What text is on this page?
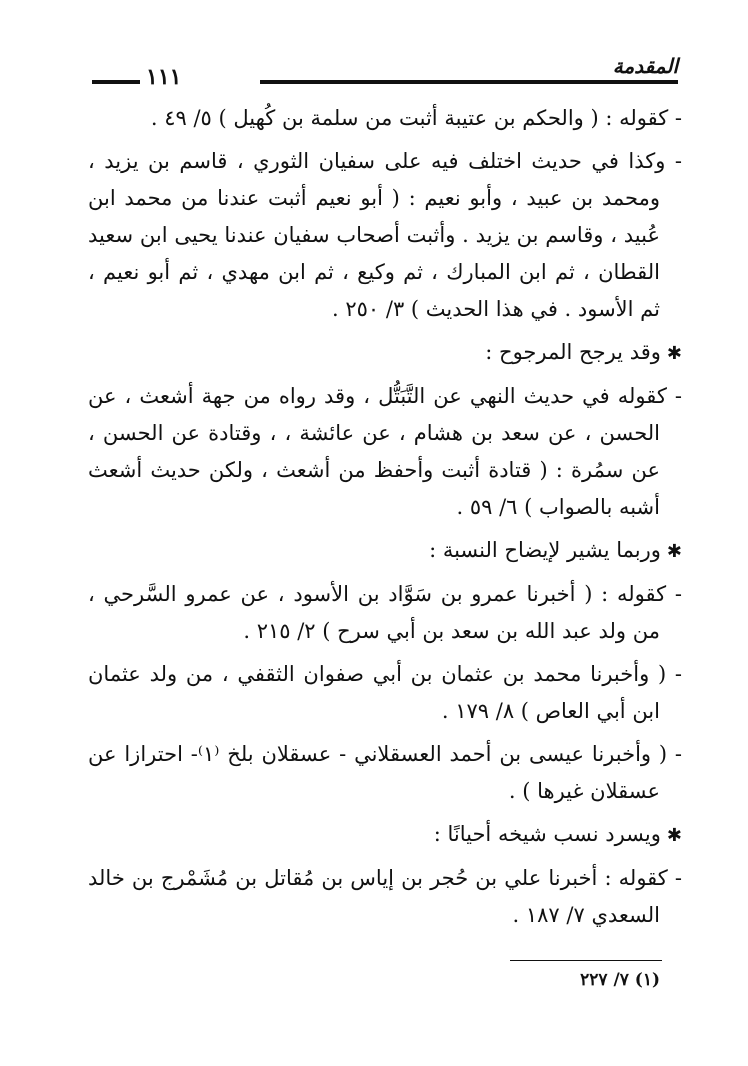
المقدمة
١١١

- كقوله : ( والحكم بن عتيبة أثبت من سلمة بن كُهيل ) ٥/ ٤٩ .

- وكذا في حديث اختلف فيه على سفيان الثوري ، قاسم بن يزيد ، ومحمد بن عبيد ، وأبو نعيم : ( أبو نعيم أثبت عندنا من محمد ابن عُبيد ، وقاسم بن يزيد . وأثبت أصحاب سفيان عندنا يحيى ابن سعيد القطان ، ثم ابن المبارك ، ثم وكيع ، ثم ابن مهدي ، ثم أبو نعيم ، ثم الأسود . في هذا الحديث ) ٣/ ٢٥٠ .

✱وقد يرجح المرجوح :

- كقوله في حديث النهي عن التَّبَتُّل ، وقد رواه من جهة أشعث ، عن الحسن ، عن سعد بن هشام ، عن عائشة ، ، وقتادة عن الحسن ، عن سمُرة : ( قتادة أثبت وأحفظ من أشعث ، ولكن حديث أشعث أشبه بالصواب ) ٦/ ٥٩ .

✱وربما يشير لإيضاح النسبة :

- كقوله : ( أخبرنا عمرو بن سَوَّاد بن الأسود ، عن عمرو السَّرحي ، من ولد عبد الله بن سعد بن أبي سرح ) ٢/ ٢١٥ .

- ( وأخبرنا محمد بن عثمان بن أبي صفوان الثقفي ، من ولد عثمان ابن أبي العاص ) ٨/ ١٧٩ .

- ( وأخبرنا عيسى بن أحمد العسقلاني - عسقلان بلخ ⁽١⁾- احترازا عن عسقلان غيرها ) .

✱ويسرد نسب شيخه أحيانًا :

- كقوله : أخبرنا علي بن حُجر بن إياس بن مُقاتل بن مُشَمْرج بن خالد السعدي ٧/ ١٨٧ .

(١) ٧/ ٢٢٧
